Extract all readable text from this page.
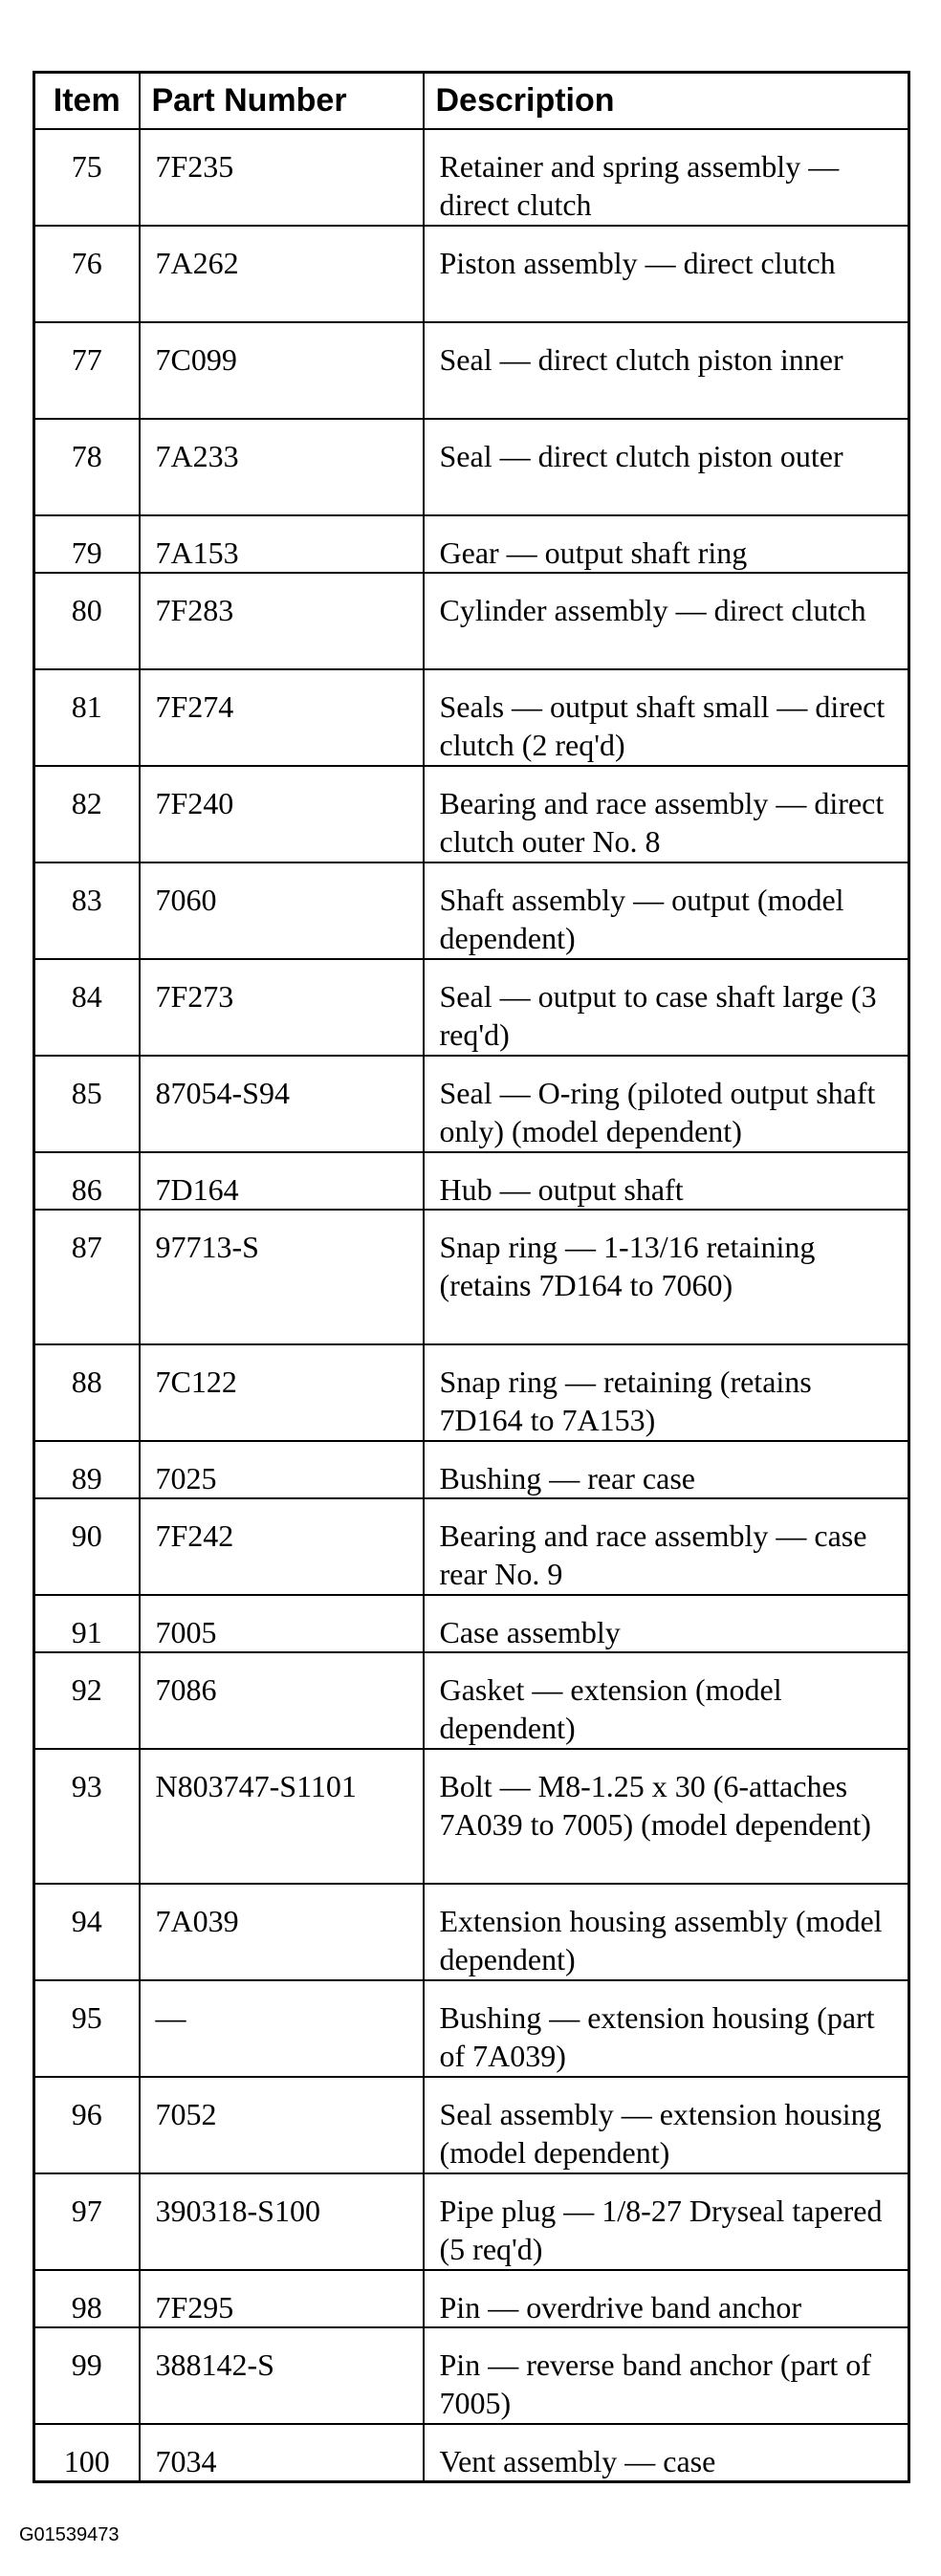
Item	Part Number	Description
75	7F235	Retainer and spring assembly — direct clutch
76	7A262	Piston assembly — direct clutch
77	7C099	Seal — direct clutch piston inner
78	7A233	Seal — direct clutch piston outer
79	7A153	Gear — output shaft ring
80	7F283	Cylinder assembly — direct clutch
81	7F274	Seals — output shaft small — direct clutch (2 req'd)
82	7F240	Bearing and race assembly — direct clutch outer No. 8
83	7060	Shaft assembly — output (model dependent)
84	7F273	Seal — output to case shaft large (3 req'd)
85	87054-S94	Seal — O-ring (piloted output shaft only) (model dependent)
86	7D164	Hub — output shaft
87	97713-S	Snap ring — 1-13/16 retaining (retains 7D164 to 7060)
88	7C122	Snap ring — retaining (retains 7D164 to 7A153)
89	7025	Bushing — rear case
90	7F242	Bearing and race assembly — case rear No. 9
91	7005	Case assembly
92	7086	Gasket — extension (model dependent)
93	N803747-S1101	Bolt — M8-1.25 x 30 (6-attaches 7A039 to 7005) (model dependent)
94	7A039	Extension housing assembly (model dependent)
95	—	Bushing — extension housing (part of 7A039)
96	7052	Seal assembly — extension housing (model dependent)
97	390318-S100	Pipe plug — 1/8-27 Dryseal tapered (5 req'd)
98	7F295	Pin — overdrive band anchor
99	388142-S	Pin — reverse band anchor (part of 7005)
100	7034	Vent assembly — case
G01539473
